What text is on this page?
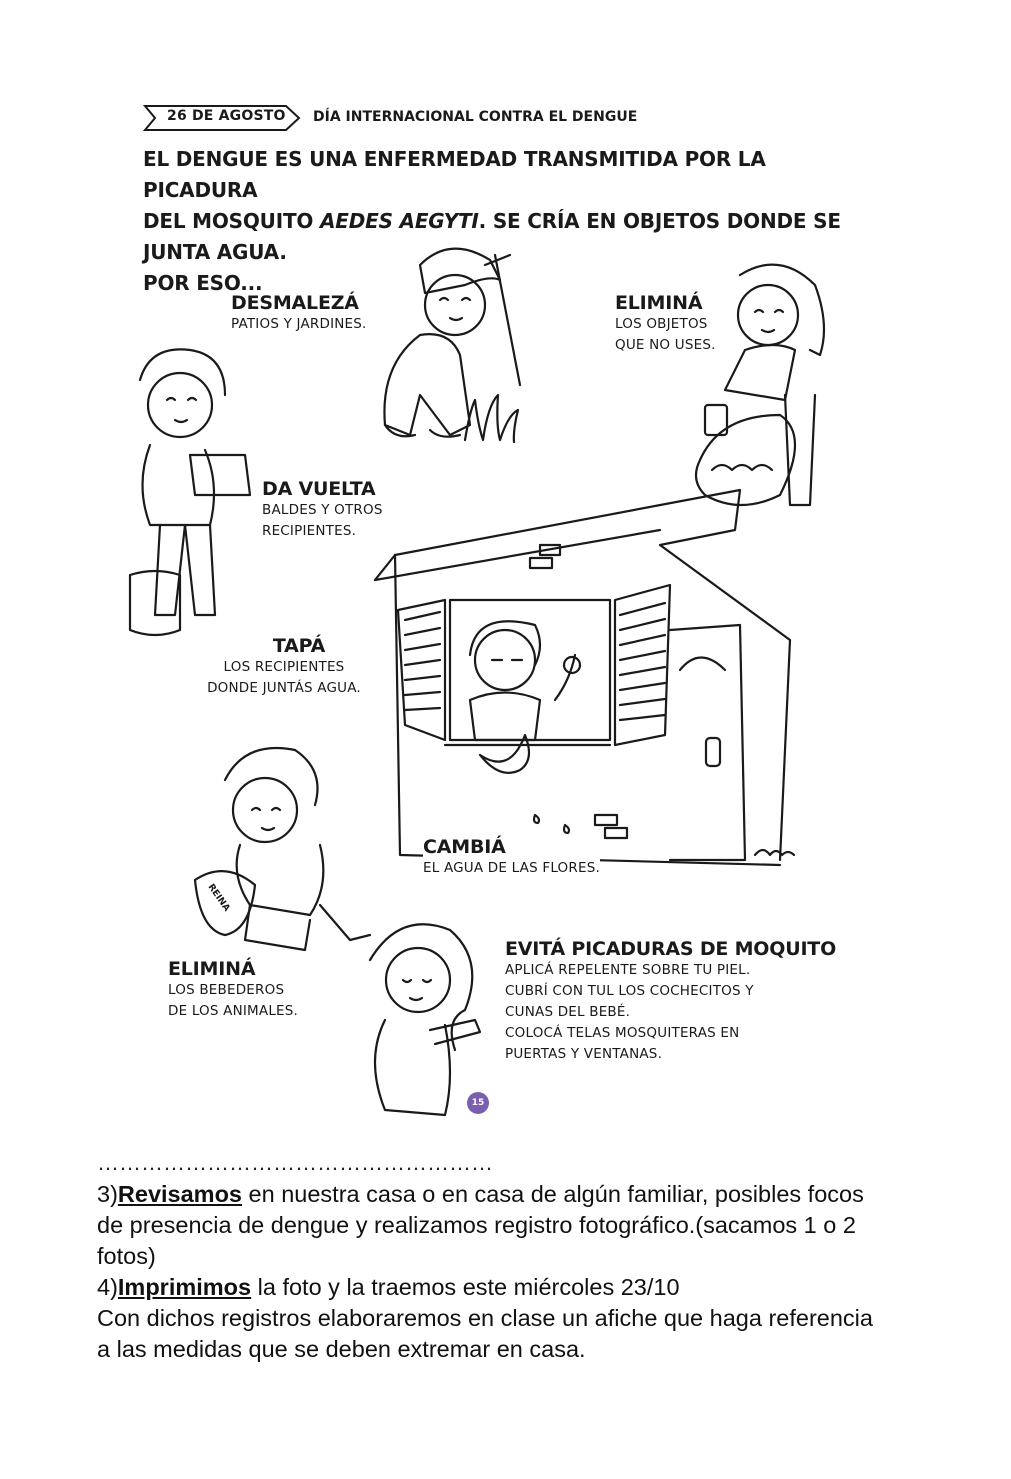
26 DE AGOSTO DÍA INTERNACIONAL CONTRA EL DENGUE
EL DENGUE ES UNA ENFERMEDAD TRANSMITIDA POR LA PICADURA
DEL MOSQUITO AEDES AEGYTI. SE CRÍA EN OBJETOS DONDE SE
JUNTA AGUA.
POR ESO...
DESMALEZÁ
PATIOS Y JARDINES.
ELIMINÁ
LOS OBJETOS
QUE NO USES.
DA VUELTA
BALDES Y OTROS
RECIPIENTES.
TAPÁ
LOS RECIPIENTES
DONDE JUNTÁS AGUA.
CAMBIÁ
EL AGUA DE LAS FLORES.
ELIMINÁ
LOS BEBEDEROS
DE LOS ANIMALES.
EVITÁ PICADURAS DE MOQUITO
APLICÁ REPELENTE SOBRE TU PIEL.
CUBRÍ CON TUL LOS COCHECITOS Y
CUNAS DEL BEBÉ.
COLOCÁ TELAS MOSQUITERAS EN
PUERTAS Y VENTANAS.
REINA
15
………………………………………………
3)Revisamos en nuestra casa o en casa de algún familiar, posibles focos
de presencia de dengue y realizamos registro fotográfico.(sacamos 1 o 2
fotos)
4)Imprimimos la foto y la traemos este miércoles 23/10
Con dichos registros elaboraremos en clase un afiche que haga referencia
a las medidas que se deben extremar en casa.
